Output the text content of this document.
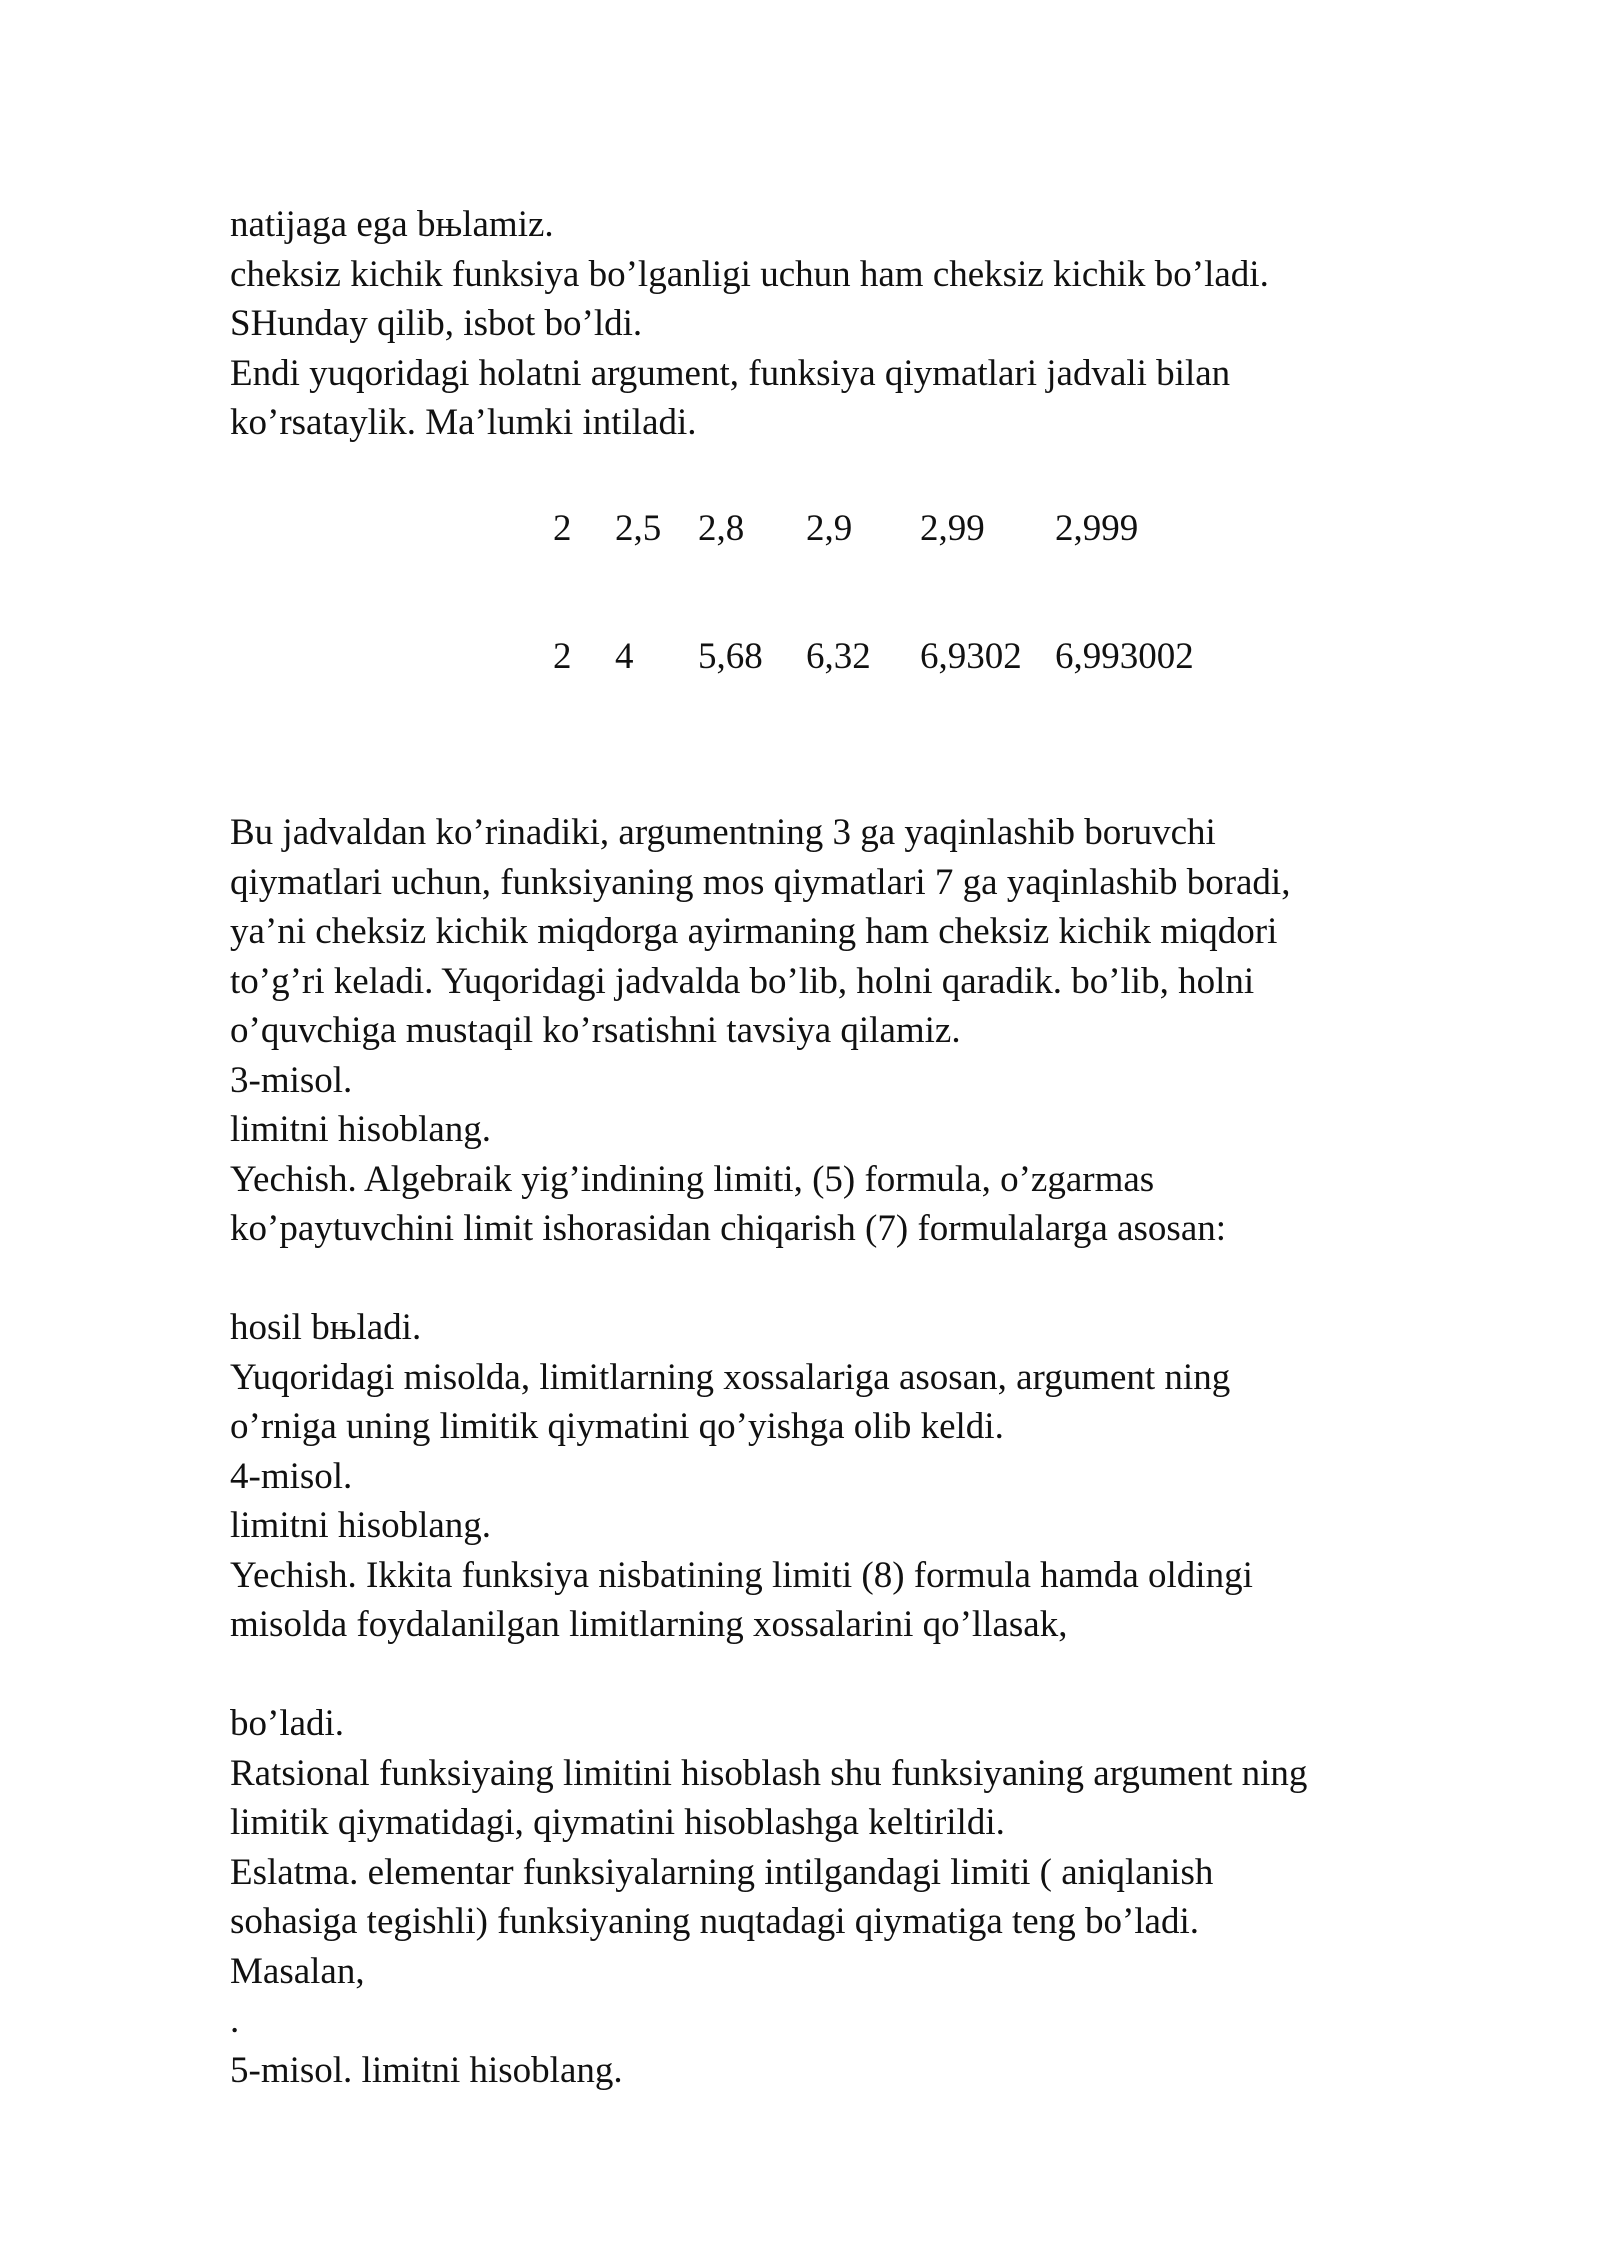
natijaga ega bњlamiz.
cheksiz kichik funksiya bo’lganligi uchun ham cheksiz kichik bo’ladi.
SHunday qilib, isbot bo’ldi.
Endi yuqoridagi holatni argument, funksiya qiymatlari jadvali bilan
ko’rsataylik. Ma’lumki intiladi.
2	2,5	2,8	2,9	2,99	2,999
2	4	5,68	6,32	6,9302	6,993002
Bu jadvaldan ko’rinadiki, argumentning 3 ga yaqinlashib boruvchi
qiymatlari uchun, funksiyaning mos qiymatlari 7 ga yaqinlashib boradi,
ya’ni cheksiz kichik miqdorga ayirmaning ham cheksiz kichik miqdori
to’g’ri keladi. Yuqoridagi jadvalda bo’lib, holni qaradik. bo’lib, holni
o’quvchiga mustaqil ko’rsatishni tavsiya qilamiz.
3-misol.
limitni hisoblang.
Yechish. Algebraik yig’indining limiti, (5) formula, o’zgarmas
ko’paytuvchini limit ishorasidan chiqarish (7) formulalarga asosan:
hosil bњladi.
Yuqoridagi misolda, limitlarning xossalariga asosan, argument ning
o’rniga uning limitik qiymatini qo’yishga olib keldi.
4-misol.
limitni hisoblang.
Yechish. Ikkita funksiya nisbatining limiti (8) formula hamda oldingi
misolda foydalanilgan limitlarning xossalarini qo’llasak,
bo’ladi.
Ratsional funksiyaing limitini hisoblash shu funksiyaning argument ning
limitik qiymatidagi, qiymatini hisoblashga keltirildi.
Eslatma. elementar funksiyalarning intilgandagi limiti ( aniqlanish
sohasiga tegishli) funksiyaning nuqtadagi qiymatiga teng bo’ladi.
Masalan,
.
5-misol. limitni hisoblang.
